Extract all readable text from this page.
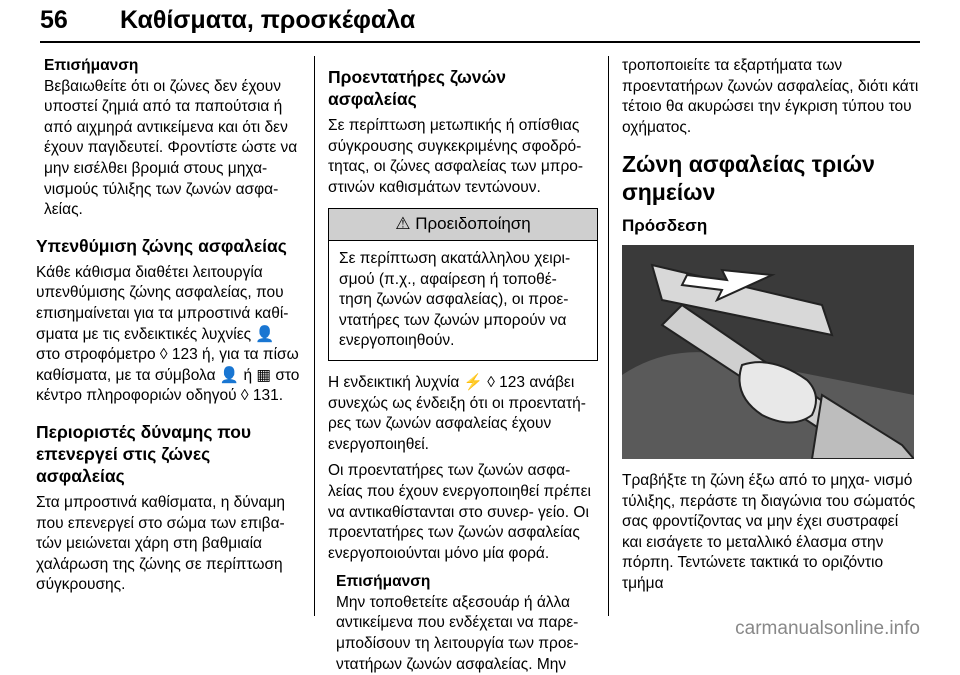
56 Καθίσματα, προσκέφαλα
Επισήμανση
Βεβαιωθείτε ότι οι ζώνες δεν έχουν υποστεί ζημιά από τα παπούτσια ή από αιχμηρά αντικείμενα και ότι δεν έχουν παγιδευτεί. Φροντίστε ώστε να μην εισέλθει βρομιά στους μηχα- νισμούς τύλιξης των ζωνών ασφα- λείας.
Υπενθύμιση ζώνης ασφαλείας
Κάθε κάθισμα διαθέτει λειτουργία υπενθύμισης ζώνης ασφαλείας, που επισημαίνεται για τα μπροστινά καθί- σματα με τις ενδεικτικές λυχνίες 👤 στο στροφόμετρο ◊ 123 ή, για τα πίσω καθίσματα, με τα σύμβολα 👤 ή ▦ στο κέντρο πληροφοριών οδηγού ◊ 131.
Περιοριστές δύναμης που επενεργεί στις ζώνες ασφαλείας
Στα μπροστινά καθίσματα, η δύναμη που επενεργεί στο σώμα των επιβα- τών μειώνεται χάρη στη βαθμιαία χαλάρωση της ζώνης σε περίπτωση σύγκρουσης.
Προεντατήρες ζωνών ασφαλείας
Σε περίπτωση μετωπικής ή οπίσθιας σύγκρουσης συγκεκριμένης σφοδρό- τητας, οι ζώνες ασφαλείας των μπρο- στινών καθισμάτων τεντώνουν.
⚠ Προειδοποίηση
Σε περίπτωση ακατάλληλου χειρι- σμού (π.χ., αφαίρεση ή τοποθέ- τηση ζωνών ασφαλείας), οι προε- ντατήρες των ζωνών μπορούν να ενεργοποιηθούν.
Η ενδεικτική λυχνία ⚡ ◊ 123 ανάβει συνεχώς ως ένδειξη ότι οι προεντατή- ρες των ζωνών ασφαλείας έχουν ενεργοποιηθεί.
Οι προεντατήρες των ζωνών ασφα- λείας που έχουν ενεργοποιηθεί πρέπει να αντικαθίστανται στο συνερ- γείο. Οι προεντατήρες των ζωνών ασφαλείας ενεργοποιούνται μόνο μία φορά.
Επισήμανση
Μην τοποθετείτε αξεσουάρ ή άλλα αντικείμενα που ενδέχεται να παρε- μποδίσουν τη λειτουργία των προε- ντατήρων ζωνών ασφαλείας. Μην
τροποποιείτε τα εξαρτήματα των προεντατήρων ζωνών ασφαλείας, διότι κάτι τέτοιο θα ακυρώσει την έγκριση τύπου του οχήματος.
Ζώνη ασφαλείας τριών σημείων
Πρόσδεση
Τραβήξτε τη ζώνη έξω από το μηχα- νισμό τύλιξης, περάστε τη διαγώνια του σώματός σας φροντίζοντας να μην έχει συστραφεί και εισάγετε το μεταλλικό έλασμα στην πόρπη. Τεντώνετε τακτικά το οριζόντιο τμήμα
carmanualsonline.info
